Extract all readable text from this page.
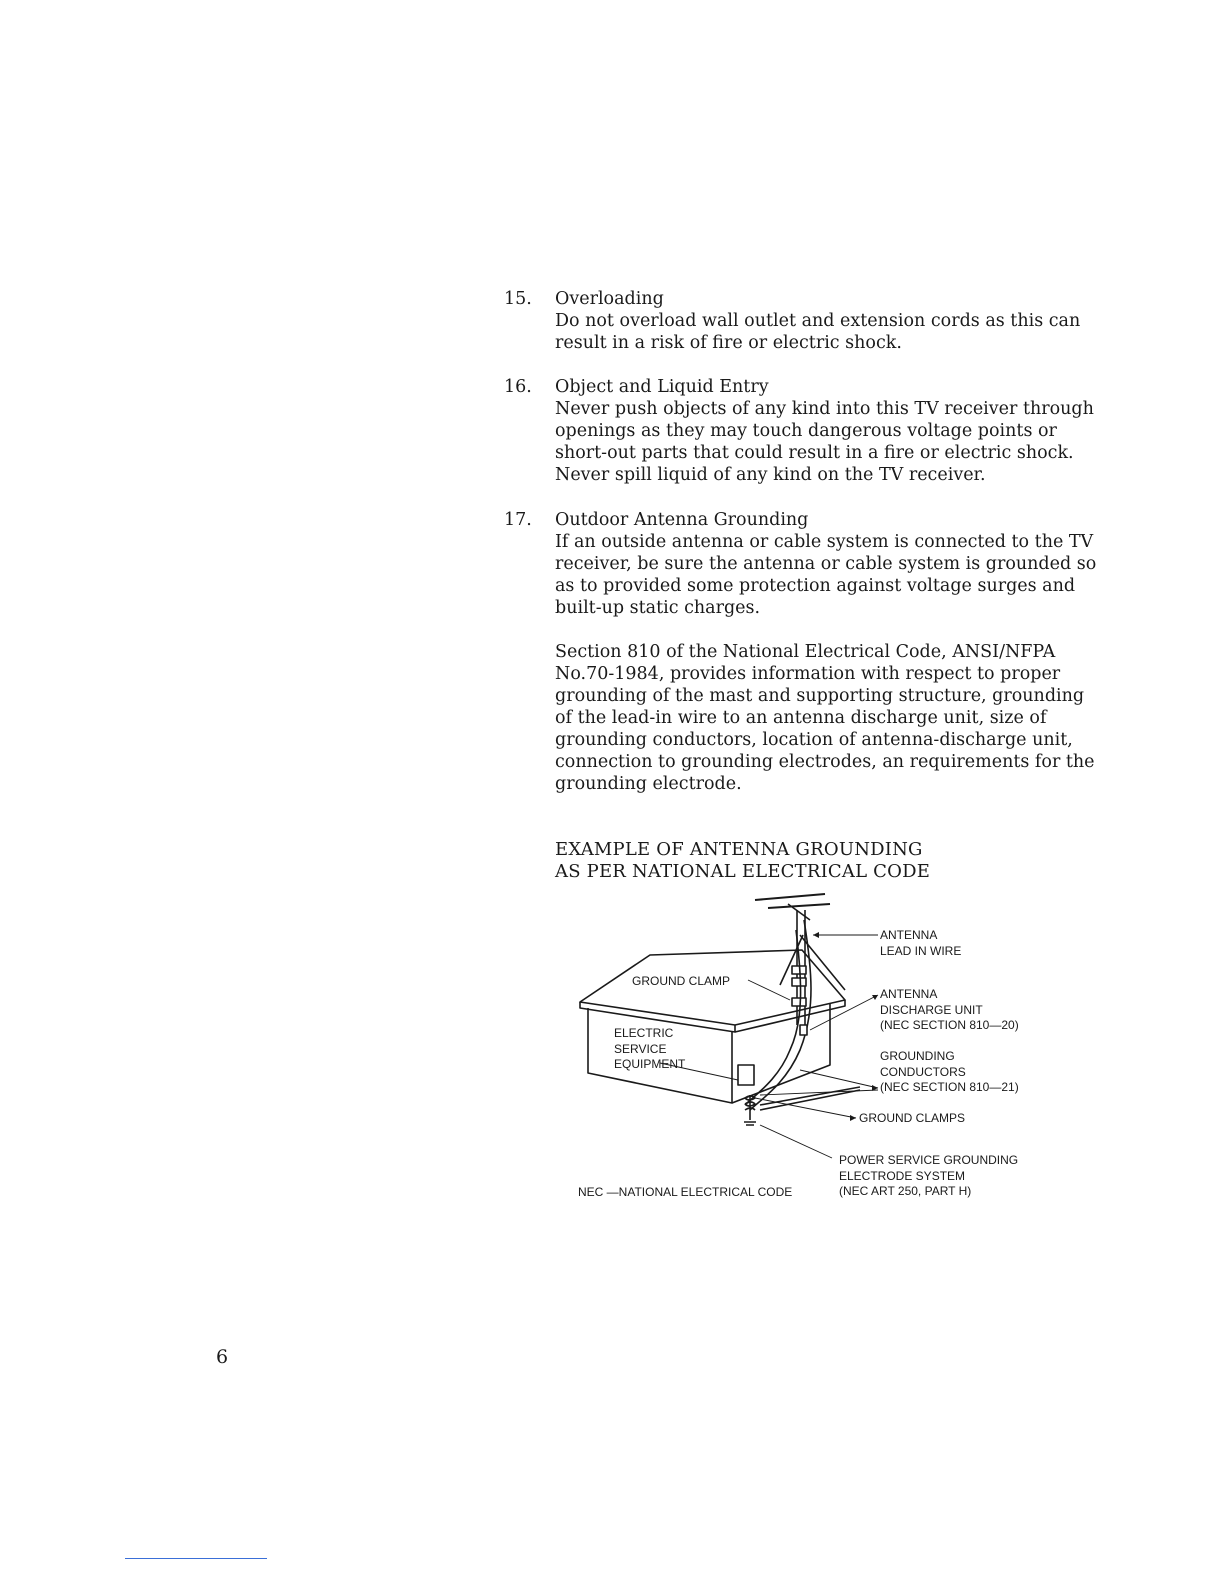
15. Overloading
Do not overload wall outlet and extension cords as this can
result in a risk of fire or electric shock.
16. Object and Liquid Entry
Never push objects of any kind into this TV receiver through
openings as they may touch dangerous voltage points or
short-out parts that could result in a fire or electric shock.
Never spill liquid of any kind on the TV receiver.
17. Outdoor Antenna Grounding
If an outside antenna or cable system is connected to the TV
receiver, be sure the antenna or cable system is grounded so
as to provided some protection against voltage surges and
built-up static charges.
Section 810 of the National Electrical Code, ANSI/NFPA
No.70-1984, provides information with respect to proper
grounding of the mast and supporting structure, grounding
of the lead-in wire to an antenna discharge unit, size of
grounding conductors, location of antenna-discharge unit,
connection to grounding electrodes, an requirements for the
grounding electrode.
EXAMPLE OF ANTENNA GROUNDING
AS PER NATIONAL ELECTRICAL CODE
ANTENNA
LEAD IN WIRE
GROUND CLAMP
ELECTRIC
SERVICE
EQUIPMENT
ANTENNA
DISCHARGE UNIT
(NEC SECTION 810—20)
GROUNDING
CONDUCTORS
(NEC SECTION 810—21)
GROUND CLAMPS
POWER SERVICE GROUNDING
ELECTRODE SYSTEM
(NEC ART 250, PART H)
NEC —NATIONAL ELECTRICAL CODE
6
